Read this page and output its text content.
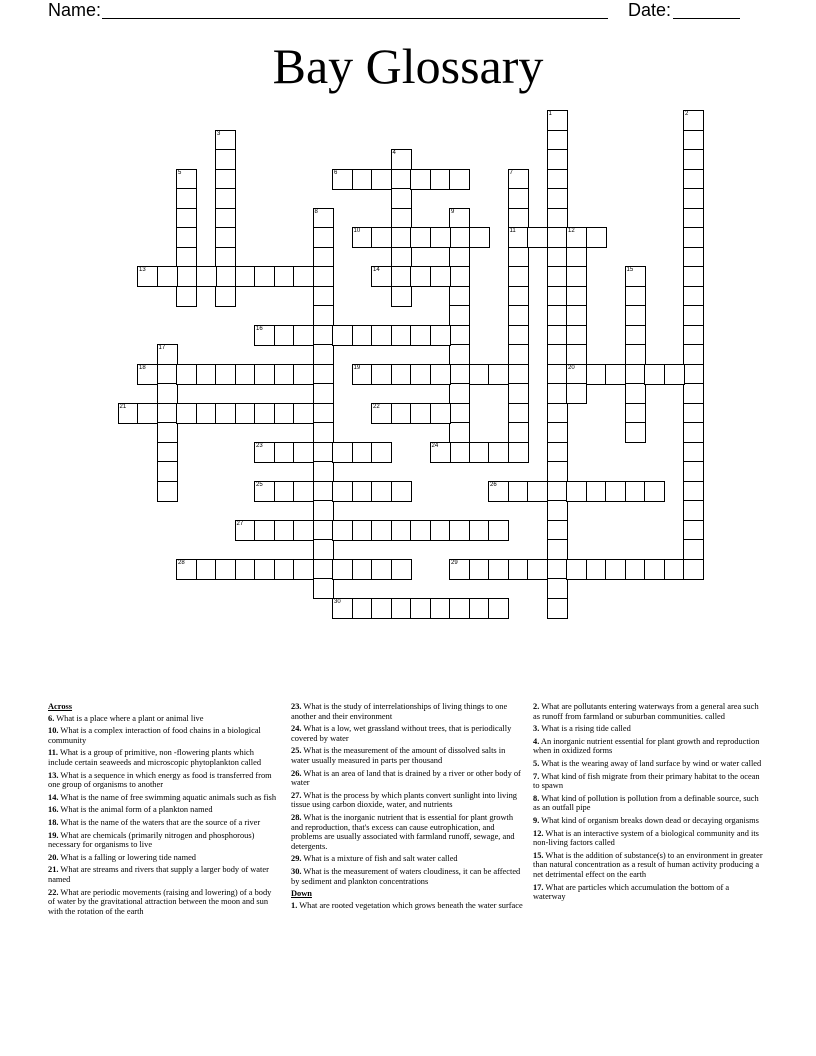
Name:	Date:
Bay Glossary
1	2
3
4
5	6	7
11
8	9
10	12
20
13	14	15
16
17
18	19
21	22
23	24
25	26
27
28	29
30
Across
6. What is a place where a plant or animal live
10. What is a complex interaction of food chains in a biological community
11. What is a group of primitive, non -flowering plants which include certain seaweeds and microscopic phytoplankton called
13. What is a sequence in which energy as food is transferred from one group of organisms to another
14. What is the name of free swimming aquatic animals such as fish
16. What is the animal form of a plankton named
18. What is the name of the waters that are the source of a river
19. What are chemicals (primarily nitrogen and phosphorous) necessary for organisms to live
20. What is a falling or lowering tide named
21. What are streams and rivers that supply a larger body of water named
22. What are periodic movements (raising and lowering) of a body of water by the gravitational attraction between the moon and sun with the rotation of the earth
23. What is the study of interrelationships of living things to one another and their environment
24. What is a low, wet grassland without trees, that is periodically covered by water
25. What is the measurement of the amount of dissolved salts in water usually measured in parts per thousand
26. What is an area of land that is drained by a river or other body of water
27. What is the process by which plants convert sunlight into living tissue using carbon dioxide, water, and nutrients
28. What is the inorganic nutrient that is essential for plant growth and reproduction, that's excess can cause eutrophication, and problems are usually associated with farmland runoff, sewage, and detergents.
29. What is a mixture of fish and salt water called
30. What is the measurement of waters cloudiness, it can be affected by sediment and plankton concentrations
Down
1. What are rooted vegetation which grows beneath the water surface
2. What are pollutants entering waterways from a general area such as runoff from farmland or suburban communities. called
3. What is a rising tide called
4. An inorganic nutrient essential for plant growth and reproduction when in oxidized forms
5. What is the wearing away of land surface by wind or water called
7. What kind of fish migrate from their primary habitat to the ocean to spawn
8. What kind of pollution is pollution from a definable source, such as an outfall pipe
9. What kind of organism breaks down dead or decaying organisms
12. What is an interactive system of a biological community and its non-living factors called
15. What is the addition of substance(s) to an environment in greater than natural concentration as a result of human activity producing a net detrimental effect on the earth
17. What are particles which accumulation the bottom of a waterway
